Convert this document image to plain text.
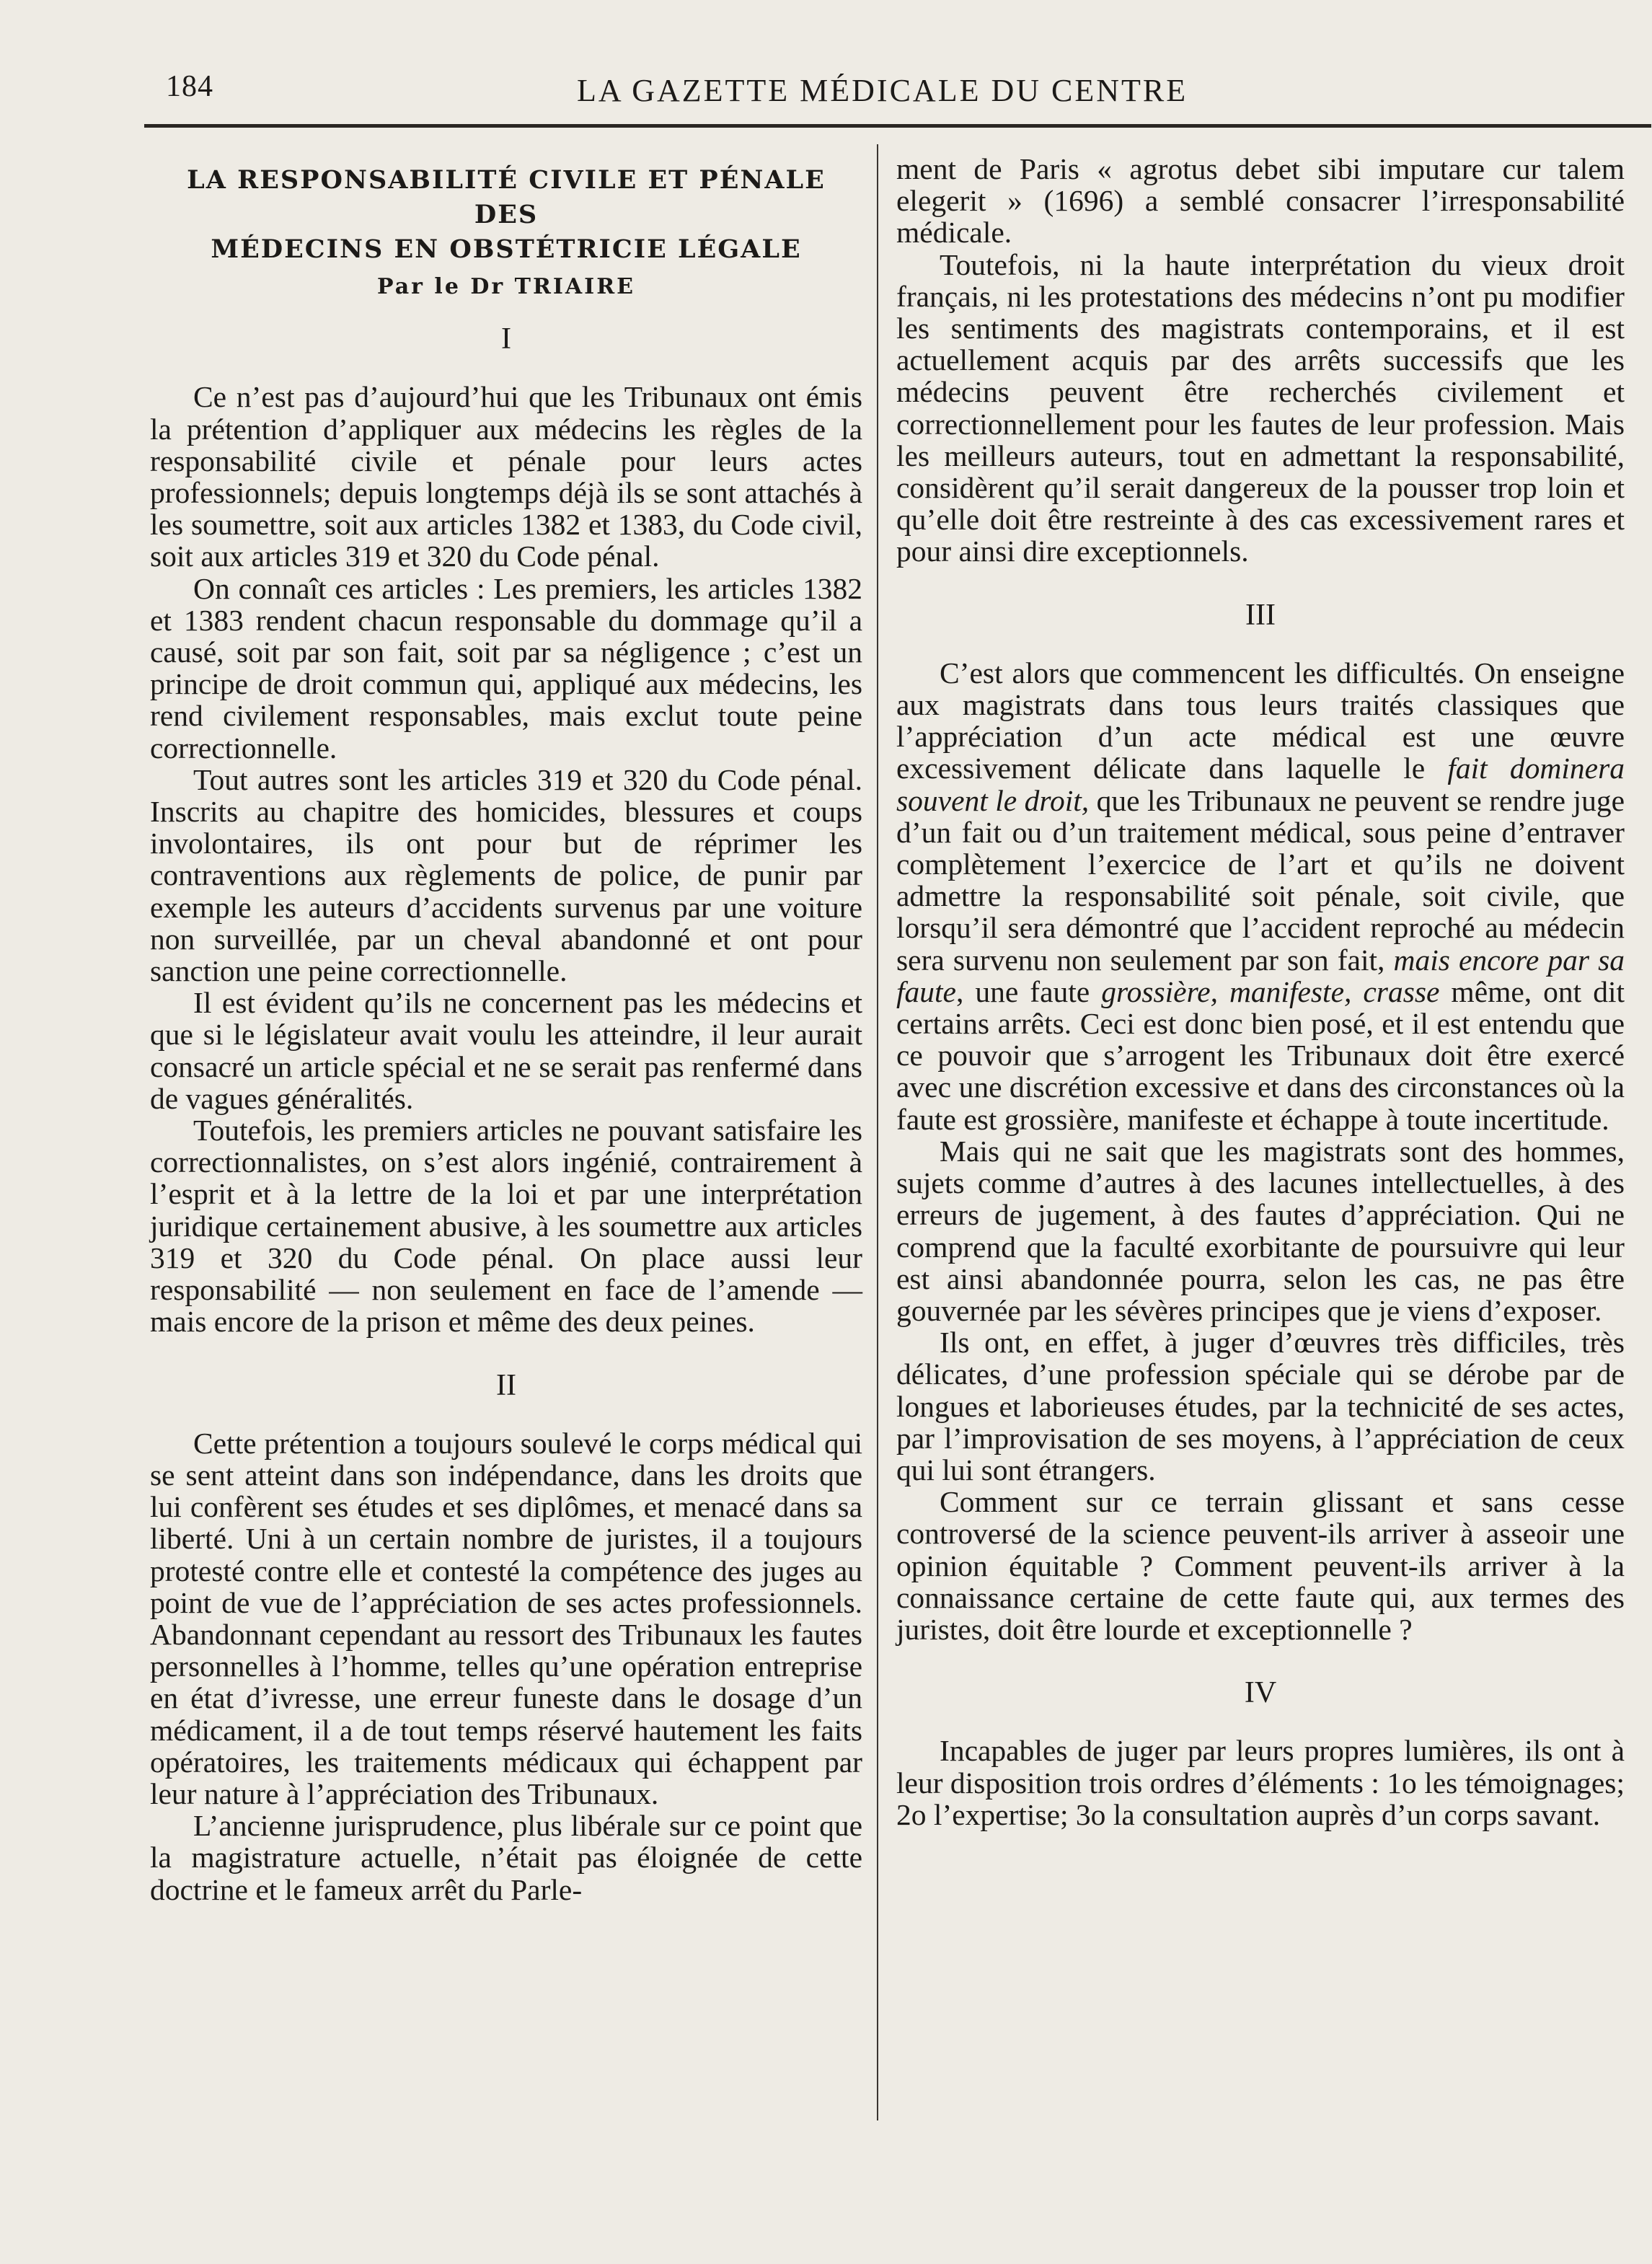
184	LA GAZETTE MÉDICALE DU CENTRE
LA RESPONSABILITÉ CIVILE ET PÉNALE DES
MÉDECINS EN OBSTÉTRICIE LÉGALE
Par le Dr TRIAIRE
I

Ce n’est pas d’aujourd’hui que les Tribunaux ont émis la prétention d’appliquer aux médecins les règles de la responsabilité civile et pénale pour leurs actes professionnels; depuis longtemps déjà ils se sont attachés à les soumettre, soit aux articles 1382 et 1383, du Code civil, soit aux articles 319 et 320 du Code pénal.

On connaît ces articles : Les premiers, les articles 1382 et 1383 rendent chacun responsable du dommage qu’il a causé, soit par son fait, soit par sa négligence ; c’est un principe de droit commun qui, appliqué aux médecins, les rend civilement responsables, mais exclut toute peine correctionnelle.

Tout autres sont les articles 319 et 320 du Code pénal. Inscrits au chapitre des homicides, blessures et coups involontaires, ils ont pour but de réprimer les contraventions aux règlements de police, de punir par exemple les auteurs d’accidents survenus par une voiture non surveillée, par un cheval abandonné et ont pour sanction une peine correctionnelle.

Il est évident qu’ils ne concernent pas les médecins et que si le législateur avait voulu les atteindre, il leur aurait consacré un article spécial et ne se serait pas renfermé dans de vagues généralités.

Toutefois, les premiers articles ne pouvant satisfaire les correctionnalistes, on s’est alors ingénié, contrairement à l’esprit et à la lettre de la loi et par une interprétation juridique certainement abusive, à les soumettre aux articles 319 et 320 du Code pénal. On place aussi leur responsabilité — non seulement en face de l’amende — mais encore de la prison et même des deux peines.

II

Cette prétention a toujours soulevé le corps médical qui se sent atteint dans son indépendance, dans les droits que lui confèrent ses études et ses diplômes, et menacé dans sa liberté. Uni à un certain nombre de juristes, il a toujours protesté contre elle et contesté la compétence des juges au point de vue de l’appréciation de ses actes professionnels. Abandonnant cependant au ressort des Tribunaux les fautes personnelles à l’homme, telles qu’une opération entreprise en état d’ivresse, une erreur funeste dans le dosage d’un médicament, il a de tout temps réservé hautement les faits opératoires, les traitements médicaux qui échappent par leur nature à l’appréciation des Tribunaux.

L’ancienne jurisprudence, plus libérale sur ce point que la magistrature actuelle, n’était pas éloignée de cette doctrine et le fameux arrêt du Parle-

ment de Paris « agrotus debet sibi imputare cur talem elegerit » (1696) a semblé consacrer l’irresponsabilité médicale.

Toutefois, ni la haute interprétation du vieux droit français, ni les protestations des médecins n’ont pu modifier les sentiments des magistrats contemporains, et il est actuellement acquis par des arrêts successifs que les médecins peuvent être recherchés civilement et correctionnellement pour les fautes de leur profession. Mais les meilleurs auteurs, tout en admettant la responsabilité, considèrent qu’il serait dangereux de la pousser trop loin et qu’elle doit être restreinte à des cas excessivement rares et pour ainsi dire exceptionnels.

III

C’est alors que commencent les difficultés. On enseigne aux magistrats dans tous leurs traités classiques que l’appréciation d’un acte médical est une œuvre excessivement délicate dans laquelle le fait dominera souvent le droit, que les Tribunaux ne peuvent se rendre juge d’un fait ou d’un traitement médical, sous peine d’entraver complètement l’exercice de l’art et qu’ils ne doivent admettre la responsabilité soit pénale, soit civile, que lorsqu’il sera démontré que l’accident reproché au médecin sera survenu non seulement par son fait, mais encore par sa faute, une faute grossière, manifeste, crasse même, ont dit certains arrêts. Ceci est donc bien posé, et il est entendu que ce pouvoir que s’arrogent les Tribunaux doit être exercé avec une discrétion excessive et dans des circonstances où la faute est grossière, manifeste et échappe à toute incertitude.

Mais qui ne sait que les magistrats sont des hommes, sujets comme d’autres à des lacunes intellectuelles, à des erreurs de jugement, à des fautes d’appréciation. Qui ne comprend que la faculté exorbitante de poursuivre qui leur est ainsi abandonnée pourra, selon les cas, ne pas être gouvernée par les sévères principes que je viens d’exposer.

Ils ont, en effet, à juger d’œuvres très difficiles, très délicates, d’une profession spéciale qui se dérobe par de longues et laborieuses études, par la technicité de ses actes, par l’improvisation de ses moyens, à l’appréciation de ceux qui lui sont étrangers.

Comment sur ce terrain glissant et sans cesse controversé de la science peuvent-ils arriver à asseoir une opinion équitable ? Comment peuvent-ils arriver à la connaissance certaine de cette faute qui, aux termes des juristes, doit être lourde et exceptionnelle ?

IV

Incapables de juger par leurs propres lumières, ils ont à leur disposition trois ordres d’éléments : 1o les témoignages; 2o l’expertise; 3o la consultation auprès d’un corps savant.
